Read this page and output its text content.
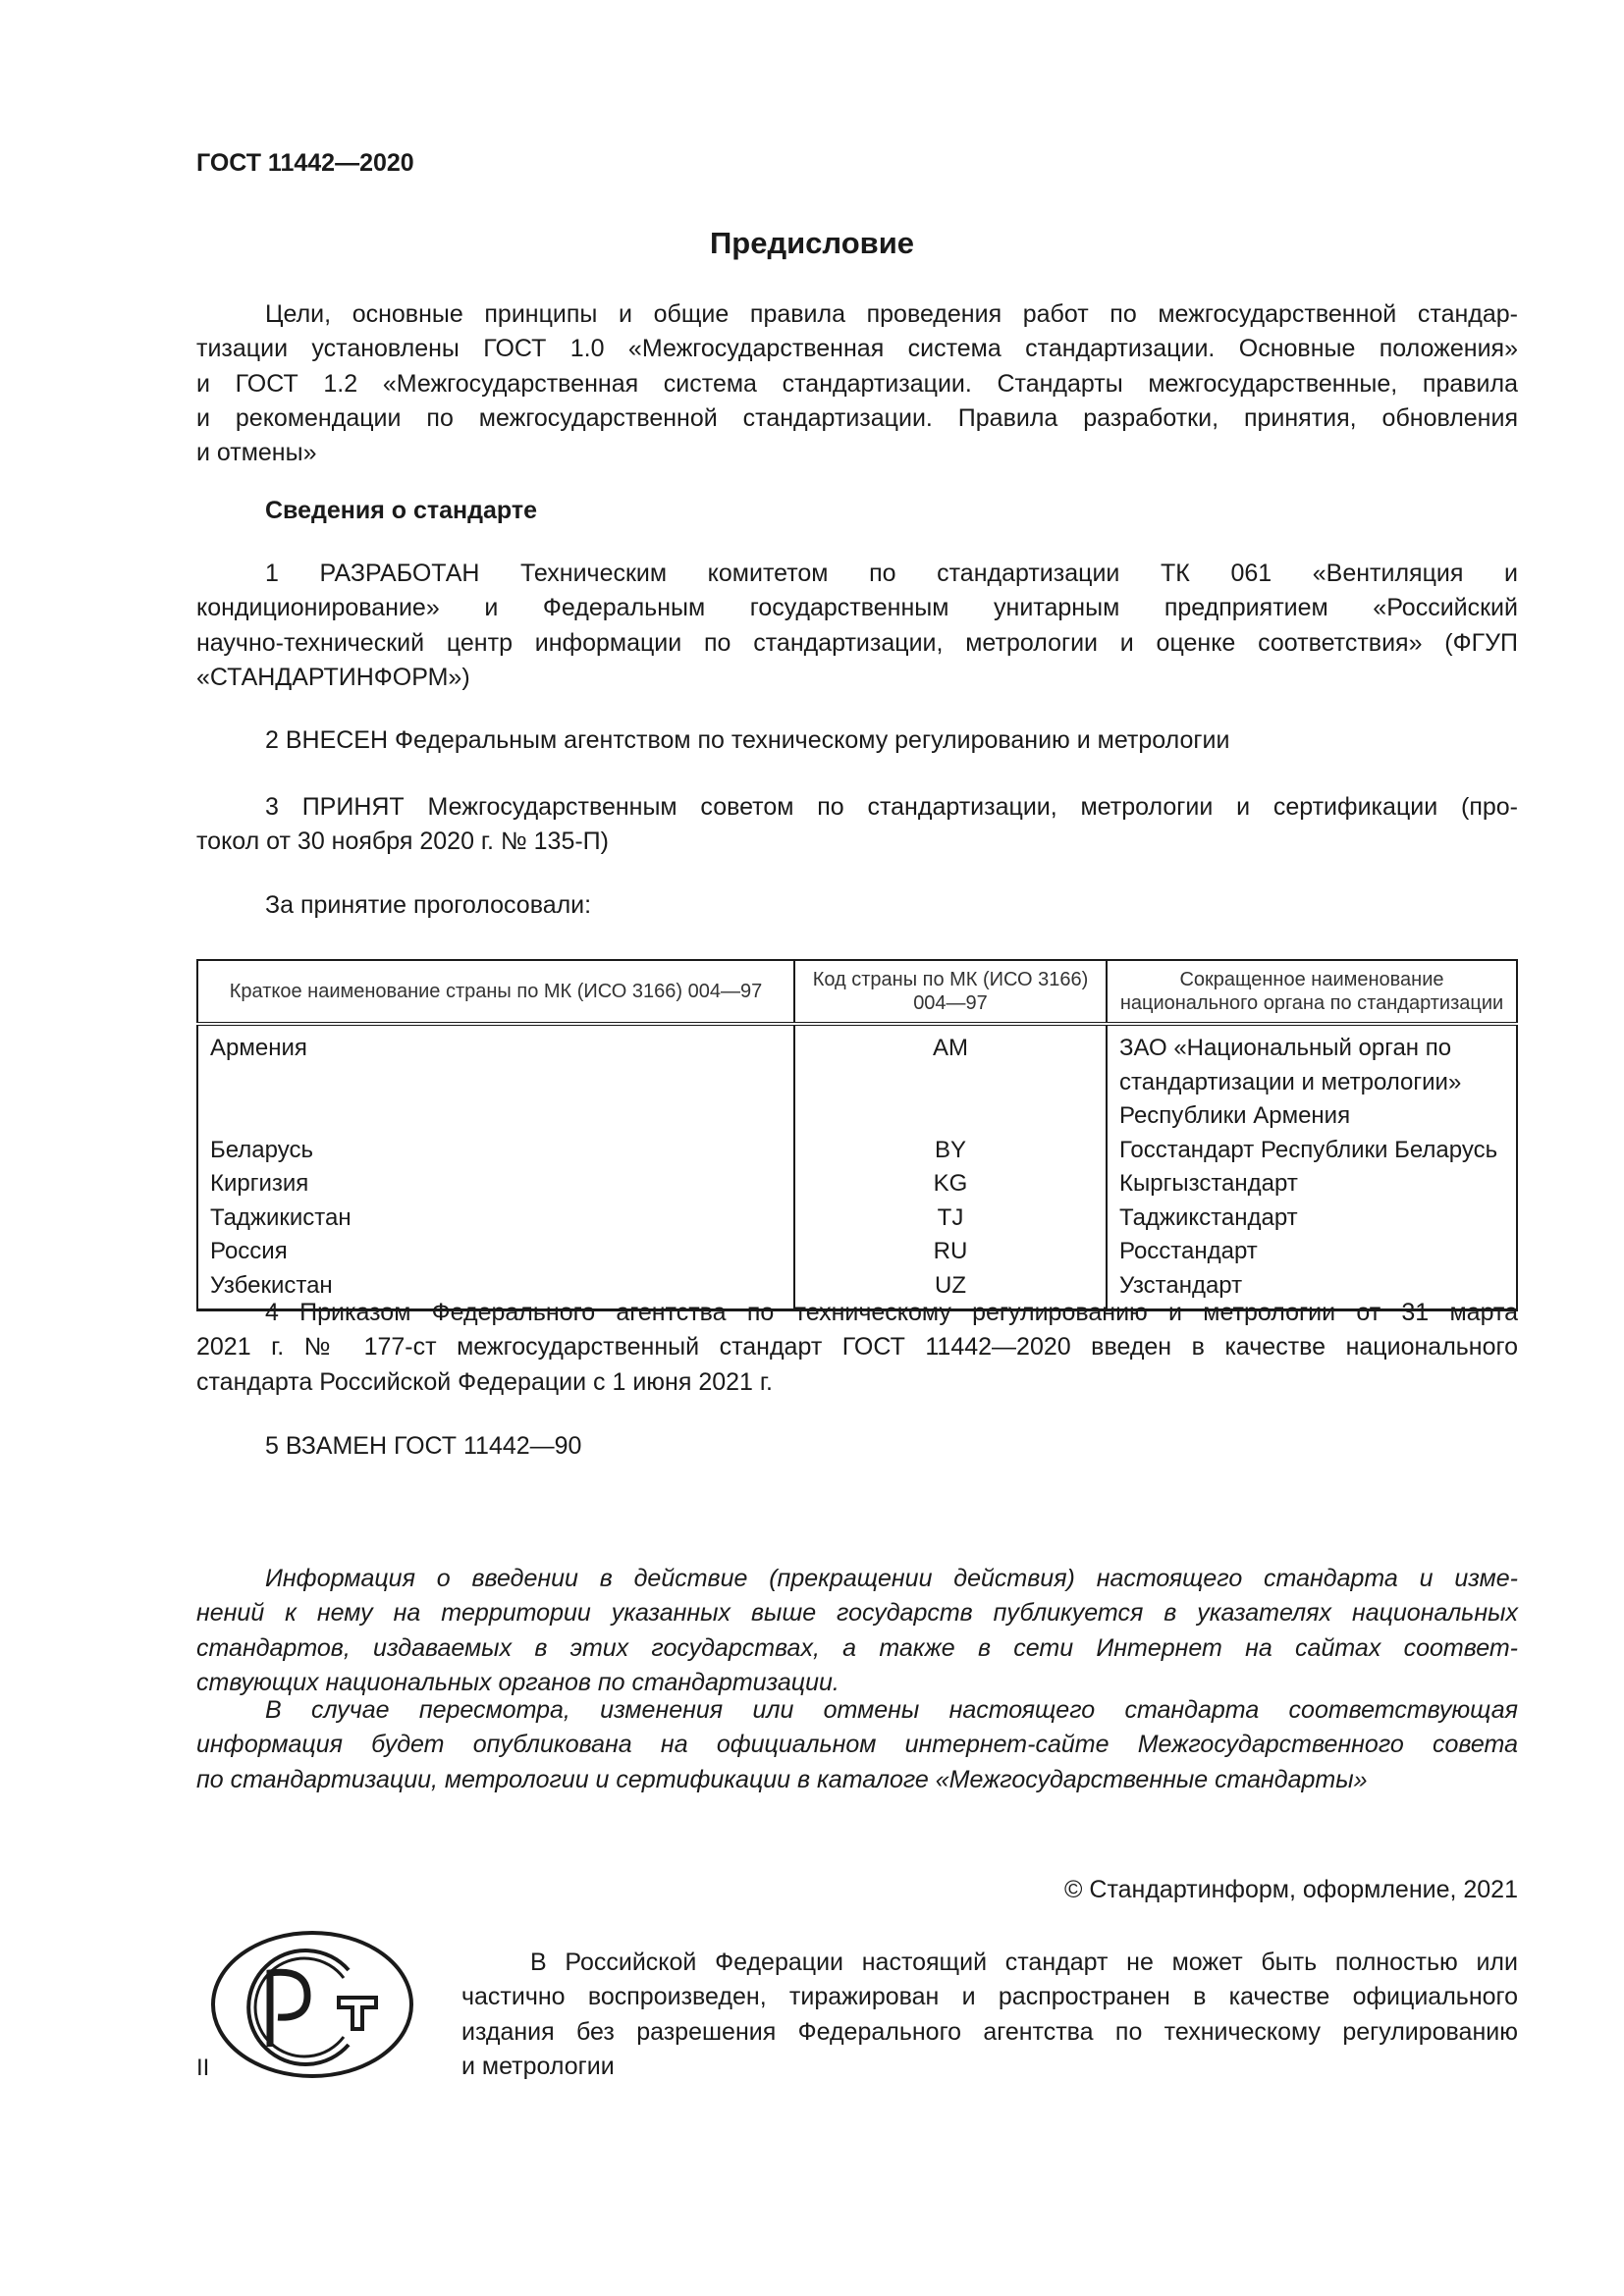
ГОСТ 11442—2020
Предисловие
Цели, основные принципы и общие правила проведения работ по межгосударственной стандар-
тизации установлены ГОСТ 1.0 «Межгосударственная система стандартизации. Основные положения»
и ГОСТ 1.2 «Межгосударственная система стандартизации. Стандарты межгосударственные, правила
и рекомендации по межгосударственной стандартизации. Правила разработки, принятия, обновления
и отмены»
Сведения о стандарте
1 РАЗРАБОТАН Техническим комитетом по стандартизации ТК 061 «Вентиляция и
кондиционирование» и Федеральным государственным унитарным предприятием «Российский
научно-технический центр информации по стандартизации, метрологии и оценке соответствия» (ФГУП
«СТАНДАРТИНФОРМ»)
2 ВНЕСЕН Федеральным агентством по техническому регулированию и метрологии
3 ПРИНЯТ Межгосударственным советом по стандартизации, метрологии и сертификации (про-
токол от 30 ноября 2020 г. № 135-П)
За принятие проголосовали:
Краткое наименование страны по МК (ИСО 3166) 004—97	Код страны по МК (ИСО 3166) 004—97	Сокращенное наименование национального органа по стандартизации
Армения	AM	ЗАО «Национальный орган по стандартизации и метрологии» Республики Армения
Беларусь	BY	Госстандарт Республики Беларусь
Киргизия	KG	Кыргызстандарт
Таджикистан	TJ	Таджикстандарт
Россия	RU	Росстандарт
Узбекистан	UZ	Узстандарт
4 Приказом Федерального агентства по техническому регулированию и метрологии от 31 марта
2021 г. № 177-ст межгосударственный стандарт ГОСТ 11442—2020 введен в качестве национального
стандарта Российской Федерации с 1 июня 2021 г.
5 ВЗАМЕН ГОСТ 11442—90
Информация о введении в действие (прекращении действия) настоящего стандарта и изме-
нений к нему на территории указанных выше государств публикуется в указателях национальных
стандартов, издаваемых в этих государствах, а также в сети Интернет на сайтах соответ-
ствующих национальных органов по стандартизации.
В случае пересмотра, изменения или отмены настоящего стандарта соответствующая
информация будет опубликована на официальном интернет-сайте Межгосударственного совета
по стандартизации, метрологии и сертификации в каталоге «Межгосударственные стандарты»
© Стандартинформ, оформление, 2021
В Российской Федерации настоящий стандарт не может быть полностью или
частично воспроизведен, тиражирован и распространен в качестве официального
издания без разрешения Федерального агентства по техническому регулированию
и метрологии
II
